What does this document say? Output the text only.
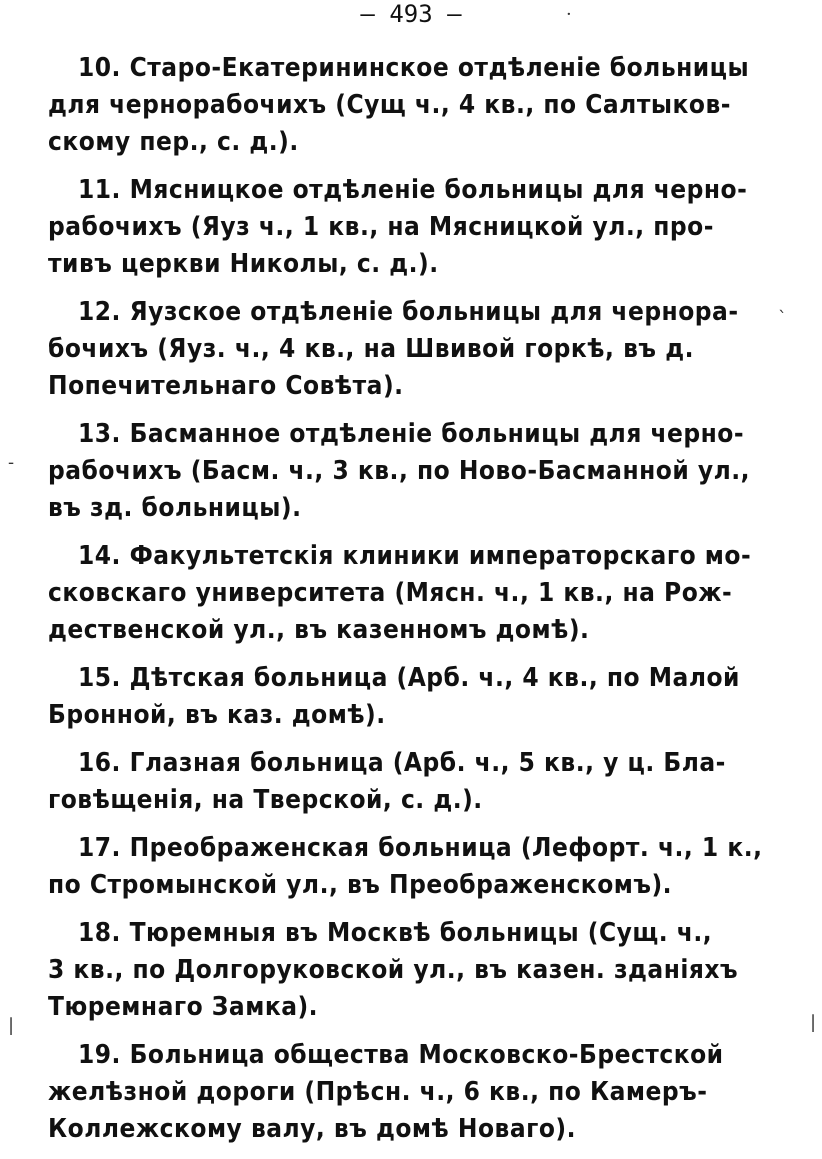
— 493 —	·
`
-
|	|
10. Старо-Екатерининское отдѣленіе больницы
для чернорабочихъ (Сущ ч., 4 кв., по Салтыков-
скому пер., с. д.).
11. Мясницкое отдѣленіе больницы для черно-
рабочихъ (Яуз ч., 1 кв., на Мясницкой ул., про-
тивъ церкви Николы, с. д.).
12. Яузское отдѣленіе больницы для чернора-
бочихъ (Яуз. ч., 4 кв., на Швивой горкѣ, въ д.
Попечительнаго Совѣта).
13. Басманное отдѣленіе больницы для черно-
рабочихъ (Басм. ч., 3 кв., по Ново-Басманной ул.,
въ зд. больницы).
14. Факультетскія клиники императорскаго мо-
сковскаго университета (Мясн. ч., 1 кв., на Рож-
дественской ул., въ казенномъ домѣ).
15. Дѣтская больница (Арб. ч., 4 кв., по Малой
Бронной, въ каз. домѣ).
16. Глазная больница (Арб. ч., 5 кв., у ц. Бла-
говѣщенія, на Тверской, с. д.).
17. Преображенская больница (Лефорт. ч., 1 к.,
по Стромынской ул., въ Преображенскомъ).
18. Тюремныя въ Москвѣ больницы (Сущ. ч.,
3 кв., по Долгоруковской ул., въ казен. зданіяхъ
Тюремнаго Замка).
19. Больница общества Московско-Брестской
желѣзной дороги (Прѣсн. ч., 6 кв., по Камеръ-
Коллежскому валу, въ домѣ Новаго).
